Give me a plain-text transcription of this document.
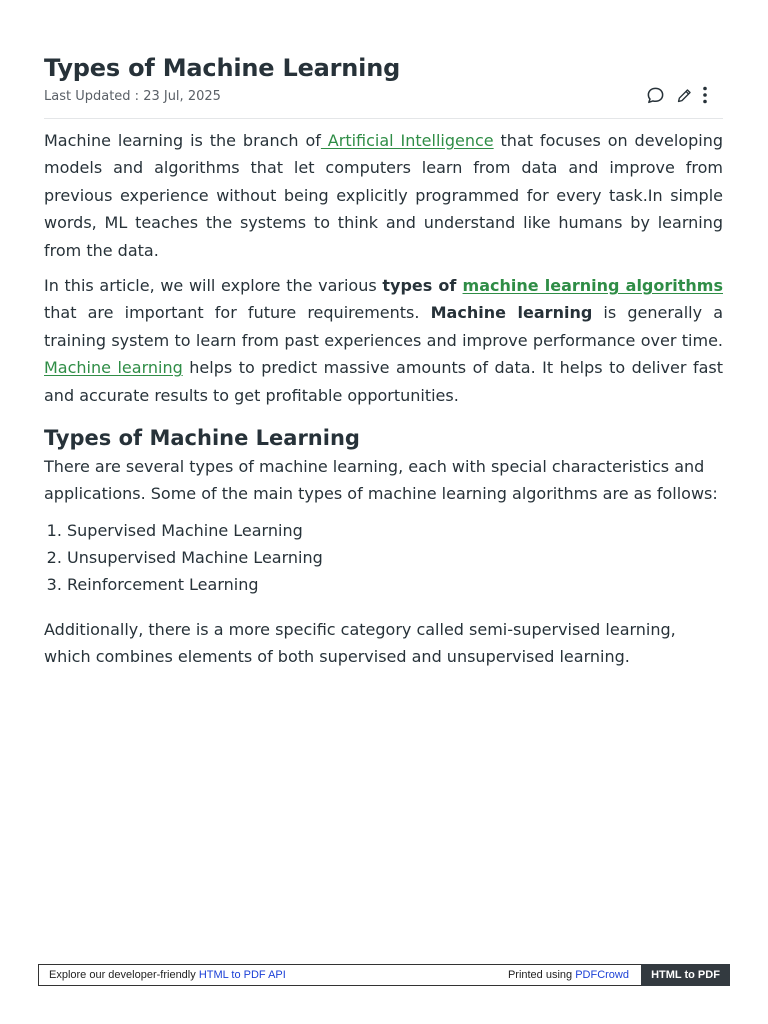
Types of Machine Learning
Last Updated : 23 Jul, 2025

Machine learning is the branch of Artificial Intelligence that focuses on developing models and algorithms that let computers learn from data and improve from previous experience without being explicitly programmed for every task.In simple words, ML teaches the systems to think and understand like humans by learning from the data.

In this article, we will explore the various types of machine learning algorithms that are important for future requirements. Machine learning is generally a training system to learn from past experiences and improve performance over time. Machine learning helps to predict massive amounts of data. It helps to deliver fast and accurate results to get profitable opportunities.

Types of Machine Learning

There are several types of machine learning, each with special characteristics and applications. Some of the main types of machine learning algorithms are as follows:

1. Supervised Machine Learning
2. Unsupervised Machine Learning
3. Reinforcement Learning

Additionally, there is a more specific category called semi-supervised learning, which combines elements of both supervised and unsupervised learning.

Explore our developer-friendly HTML to PDF API	Printed using PDFCrowd	HTML to PDF
